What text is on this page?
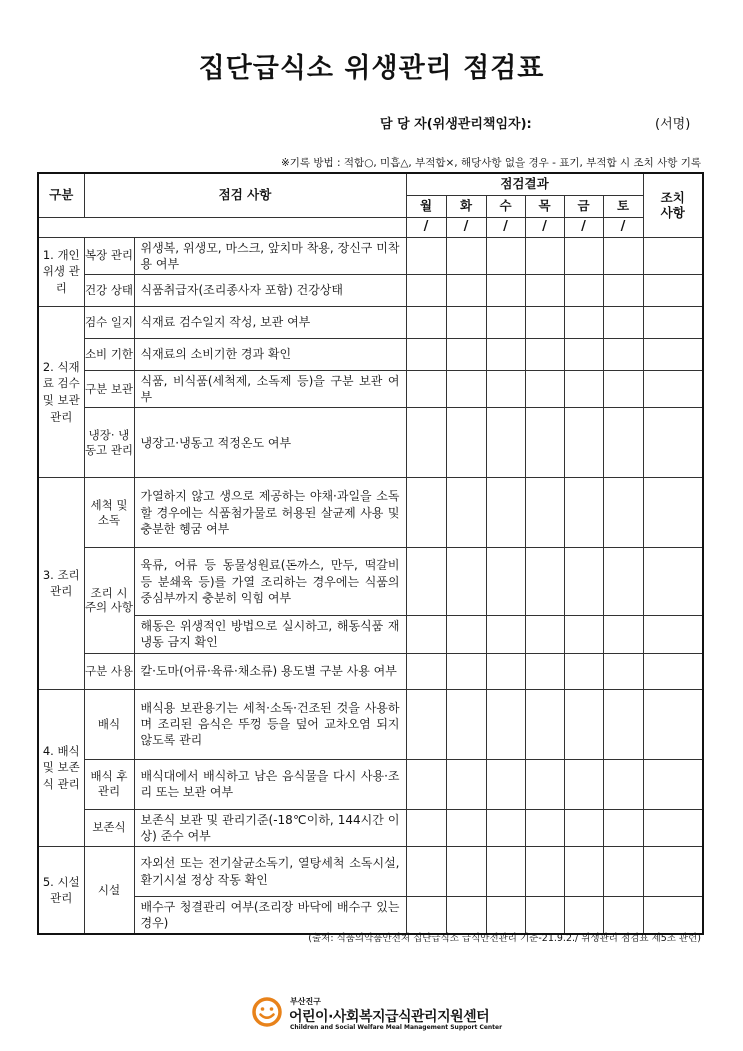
집단급식소 위생관리 점검표
담 당 자(위생관리책임자):	(서명)
※기록 방법 : 적합○, 미흡△, 부적합×, 해당사항 없을 경우 - 표기, 부적합 시 조치 사항 기록
구분	점검 사항		점검결과						조치 사항
			월	화	수	목	금	토	
			/	/	/	/	/	/	
1. 개인 위생 관리	복장 관리	위생복, 위생모, 마스크, 앞치마 착용, 장신구 미착용 여부							
	건강 상태	식품취급자(조리종사자 포함) 건강상태							
2. 식재료 검수 및 보관 관리	검수 일지	식재료 검수일지 작성, 보관 여부							
	소비 기한	식재료의 소비기한 경과 확인							
	구분 보관	식품, 비식품(세척제, 소독제 등)을 구분 보관 여부							
	냉장· 냉동고 관리	냉장고·냉동고 적정온도 여부							
3. 조리 관리	세척 및 소독	가열하지 않고 생으로 제공하는 야채·과일을 소독할 경우에는 식품첨가물로 허용된 살균제 사용 및 충분한 헹굼 여부							
	조리 시 주의 사항	육류, 어류 등 동물성원료(돈까스, 만두, 떡갈비 등 분쇄육 등)를 가열 조리하는 경우에는 식품의 중심부까지 충분히 익힘 여부							
		해동은 위생적인 방법으로 실시하고, 해동식품 재냉동 금지 확인							
	구분 사용	칼·도마(어류·육류·채소류) 용도별 구분 사용 여부							
4. 배식 및 보존식 관리	배식	배식용 보관용기는 세척·소독·건조된 것을 사용하며 조리된 음식은 뚜껑 등을 덮어 교차오염 되지 않도록 관리							
	배식 후 관리	배식대에서 배식하고 남은 음식물을 다시 사용·조리 또는 보관 여부							
	보존식	보존식 보관 및 관리기준(-18℃이하, 144시간 이상) 준수 여부							
5. 시설 관리	시설	자외선 또는 전기살균소독기, 열탕세척 소독시설, 환기시설 정상 작동 확인							
		배수구 청결관리 여부(조리장 바닥에 배수구 있는 경우)							
(출처: 식품의약품안전처 집단급식소 급식안전관리 기준-21.9.2./ 위생관리 점검표 제5조 관련)
부산진구
어린이·사회복지급식관리지원센터
Children and Social Welfare Meal Management Support Center
